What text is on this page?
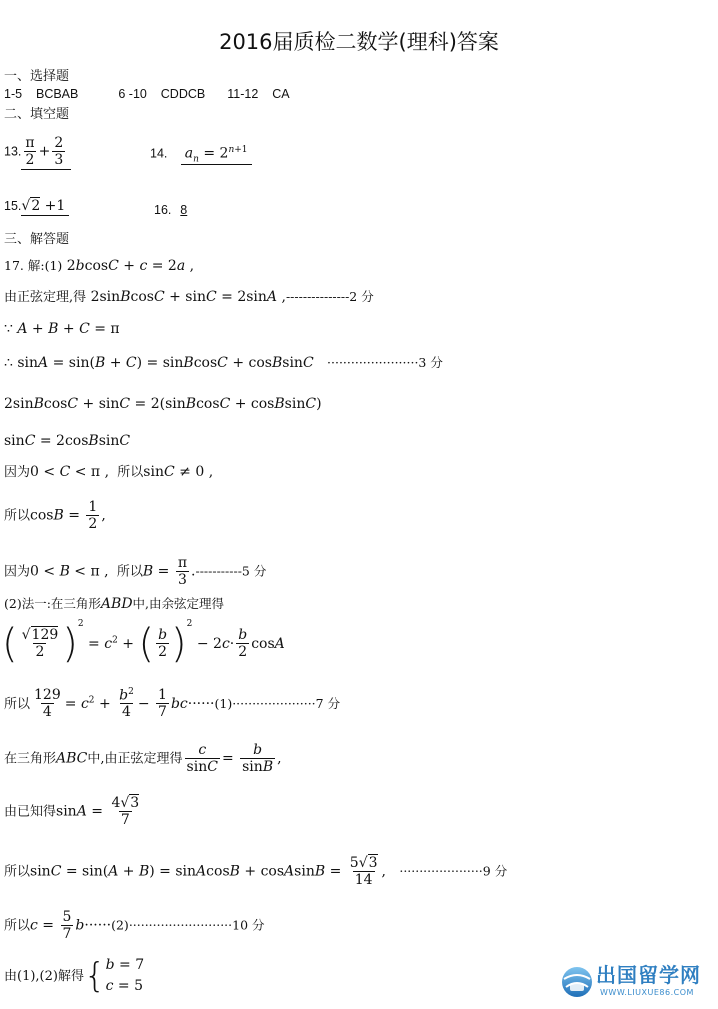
2016届质检二数学(理科)答案
一、选择题
1-5 BCBAB	6 -10 CDDCB 11-12 CA
二、填空题
13. $\frac{\pi}{2} + \frac{2}{3}$	14. $a_n = 2^{n+1}$
15.√2 +1	16. 8
三、解答题
17. 解:(1) 2bcosC + c = 2a ,
由正弦定理,得 2sinBcosC + sinC = 2sinA ,---------------2 分
∵ A + B + C = π
∴ sinA = sin(B + C) = sinBcosC + cosBsinC ·······················3 分
2sinBcosC + sinC = 2(sinBcosC + cosBsinC)
sinC = 2cosBsinC
因为0 < C < π , 所以sinC ≠ 0 ,
所以$\cos B = \frac{1}{2}$ ,
因为0 < B < π , 所以$B = \frac{\pi}{3} .-----------5$ 分
(2)法一:在三角形ABD中,由余弦定理得
( $\frac{√129}{2} )^2 = c^2$ + ( $\frac{b}{2} )^2 - 2c\cdot \frac{b}{2}$ cosA
所以 $\frac{129}{4} = c^2 + \frac{b^2}{4} - \frac{1}{7} bc\cdot\cdot\cdot\cdot\cdot\cdot(1)\cdot\cdot\cdot\cdot\cdot\cdot\cdot\cdot\cdot\cdot\cdot\cdot\cdot\cdot\cdot\cdot\cdot\cdot\cdot\cdot\cdot 7$ 分
在三角形ABC中,由正弦定理得 $\frac{c}{\sin C} = \frac{b}{\sin B}$ ,
由已知得$\sin A = \frac{4√3}{7}$
所以sinC = sin(A + B) = sinAcosB + cosAsinB = $\frac{5√3}{14}$ ,   ·····················9 分
所以$c = \frac{5}{7} b\cdot\cdot\cdot\cdot\cdot\cdot(2)\cdot\cdot\cdot\cdot\cdot\cdot\cdot\cdot\cdot\cdot\cdot\cdot\cdot\cdot\cdot\cdot\cdot\cdot\cdot\cdot\cdot\cdot\cdot\cdot\cdot\cdot 10$ 分
由(1),(2)解得{ b = 7
c = 5	出国留学网
WWW.LIUXUE86.COM
